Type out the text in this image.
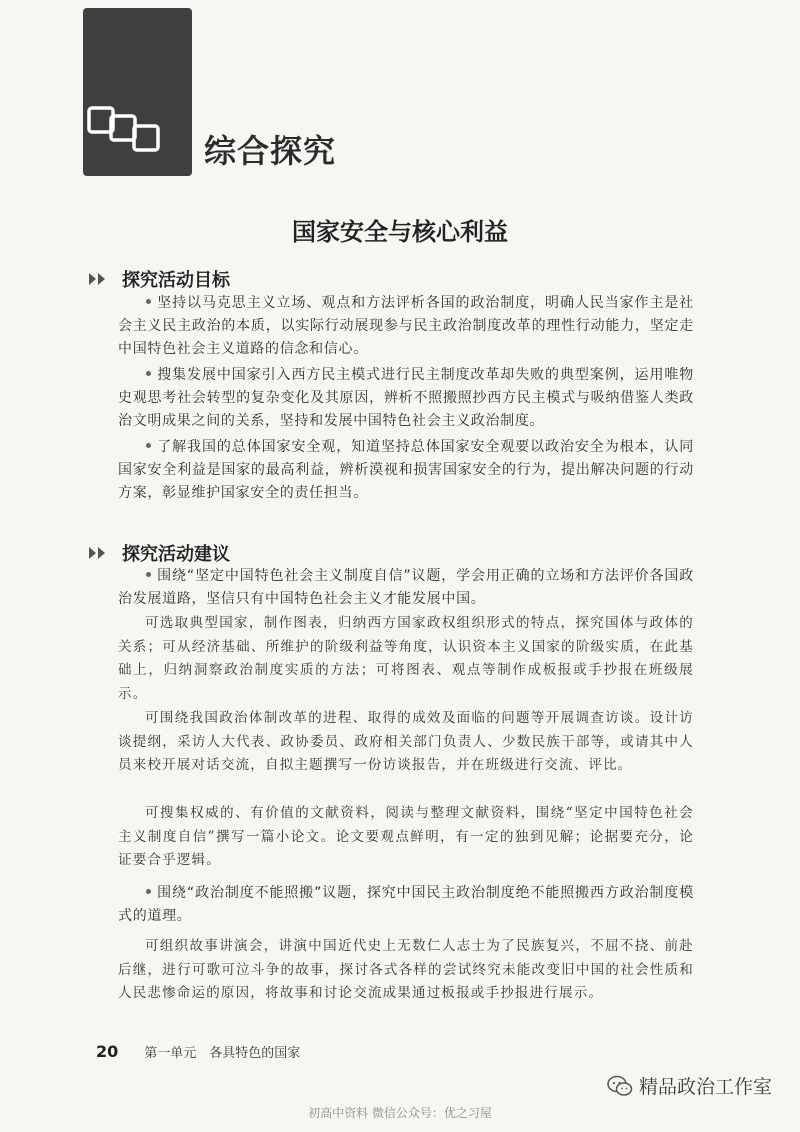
综合探究
国家安全与核心利益
探究活动目标

坚持以马克思主义立场、观点和方法评析各国的政治制度，明确人民当家作主是社会主义民主政治的本质，以实际行动展现参与民主政治制度改革的理性行动能力，坚定走中国特色社会主义道路的信念和信心。

搜集发展中国家引入西方民主模式进行民主制度改革却失败的典型案例，运用唯物史观思考社会转型的复杂变化及其原因，辨析不照搬照抄西方民主模式与吸纳借鉴人类政治文明成果之间的关系，坚持和发展中国特色社会主义政治制度。

了解我国的总体国家安全观，知道坚持总体国家安全观要以政治安全为根本，认同国家安全利益是国家的最高利益，辨析漠视和损害国家安全的行为，提出解决问题的行动方案，彰显维护国家安全的责任担当。

探究活动建议

围绕“坚定中国特色社会主义制度自信”议题，学会用正确的立场和方法评价各国政治发展道路，坚信只有中国特色社会主义才能发展中国。

可选取典型国家，制作图表，归纳西方国家政权组织形式的特点，探究国体与政体的关系；可从经济基础、所维护的阶级利益等角度，认识资本主义国家的阶级实质，在此基础上，归纳洞察政治制度实质的方法；可将图表、观点等制作成板报或手抄报在班级展示。

可围绕我国政治体制改革的进程、取得的成效及面临的问题等开展调查访谈。设计访谈提纲，采访人大代表、政协委员、政府相关部门负责人、少数民族干部等，或请其中人员来校开展对话交流，自拟主题撰写一份访谈报告，并在班级进行交流、评比。

可搜集权威的、有价值的文献资料，阅读与整理文献资料，围绕“坚定中国特色社会主义制度自信”撰写一篇小论文。论文要观点鲜明，有一定的独到见解；论据要充分，论证要合乎逻辑。

围绕“政治制度不能照搬”议题，探究中国民主政治制度绝不能照搬西方政治制度模式的道理。

可组织故事讲演会，讲演中国近代史上无数仁人志士为了民族复兴，不屈不挠、前赴后继，进行可歌可泣斗争的故事，探讨各式各样的尝试终究未能改变旧中国的社会性质和人民悲惨命运的原因，将故事和讨论交流成果通过板报或手抄报进行展示。

20 第一单元　各具特色的国家
精品政治工作室
初高中资料 微信公众号：优之习屋
